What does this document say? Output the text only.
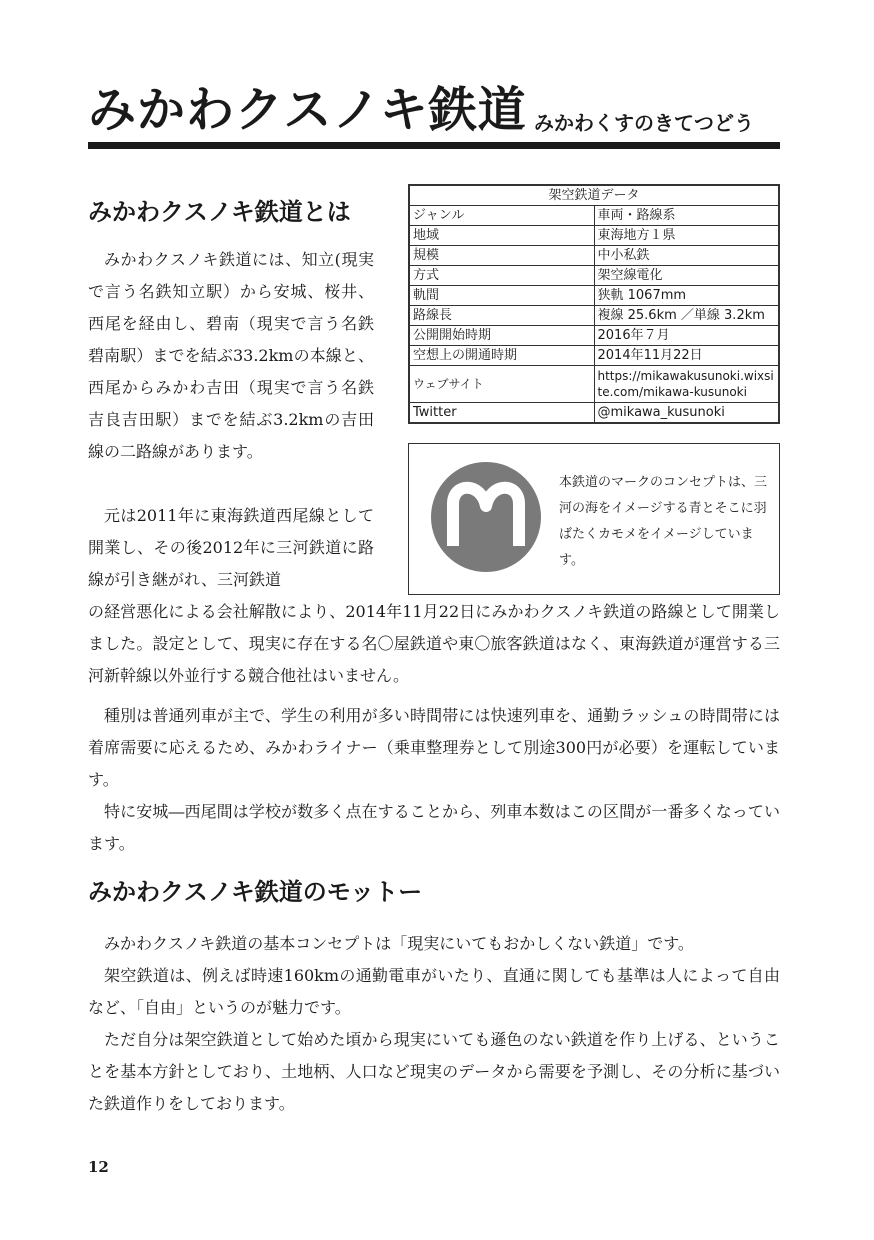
みかわクスノキ鉄道 みかわくすのきてつどう
みかわクスノキ鉄道とは

みかわクスノキ鉄道には、知立(現実で言う名鉄知立駅）から安城、桜井、西尾を経由し、碧南（現実で言う名鉄碧南駅）までを結ぶ33.2kmの本線と、西尾からみかわ吉田（現実で言う名鉄吉良吉田駅）までを結ぶ3.2kmの吉田線の二路線があります。

元は2011年に東海鉄道西尾線として開業し、その後2012年に三河鉄道に路線が引き継がれ、三河鉄道

の経営悪化による会社解散により、2014年11月22日にみかわクスノキ鉄道の路線として開業しました。設定として、現実に存在する名〇屋鉄道や東〇旅客鉄道はなく、東海鉄道が運営する三河新幹線以外並行する競合他社はいません。

種別は普通列車が主で、学生の利用が多い時間帯には快速列車を、通勤ラッシュの時間帯には着席需要に応えるため、みかわライナー（乗車整理券として別途300円が必要）を運転しています。

特に安城―西尾間は学校が数多く点在することから、列車本数はこの区間が一番多くなっています。

架空鉄道データ	
ジャンル	車両・路線系
地域	東海地方１県
規模	中小私鉄
方式	架空線電化
軌間	狭軌 1067mm
路線長	複線 25.6km ／単線 3.2km
公開開始時期	2016年７月
空想上の開通時期	2014年11月22日
ウェブサイト	https://mikawakusunoki.wixsite.com/mikawa-kusunoki
Twitter	@mikawa_kusunoki
本鉄道のマークのコンセプトは、三河の海をイメージする青とそこに羽ばたくカモメをイメージしています。
みかわクスノキ鉄道のモットー

みかわクスノキ鉄道の基本コンセプトは「現実にいてもおかしくない鉄道」です。

架空鉄道は、例えば時速160kmの通勤電車がいたり、直通に関しても基準は人によって自由など、「自由」というのが魅力です。

ただ自分は架空鉄道として始めた頃から現実にいても遜色のない鉄道を作り上げる、ということを基本方針としており、土地柄、人口など現実のデータから需要を予測し、その分析に基づいた鉄道作りをしております。

12
